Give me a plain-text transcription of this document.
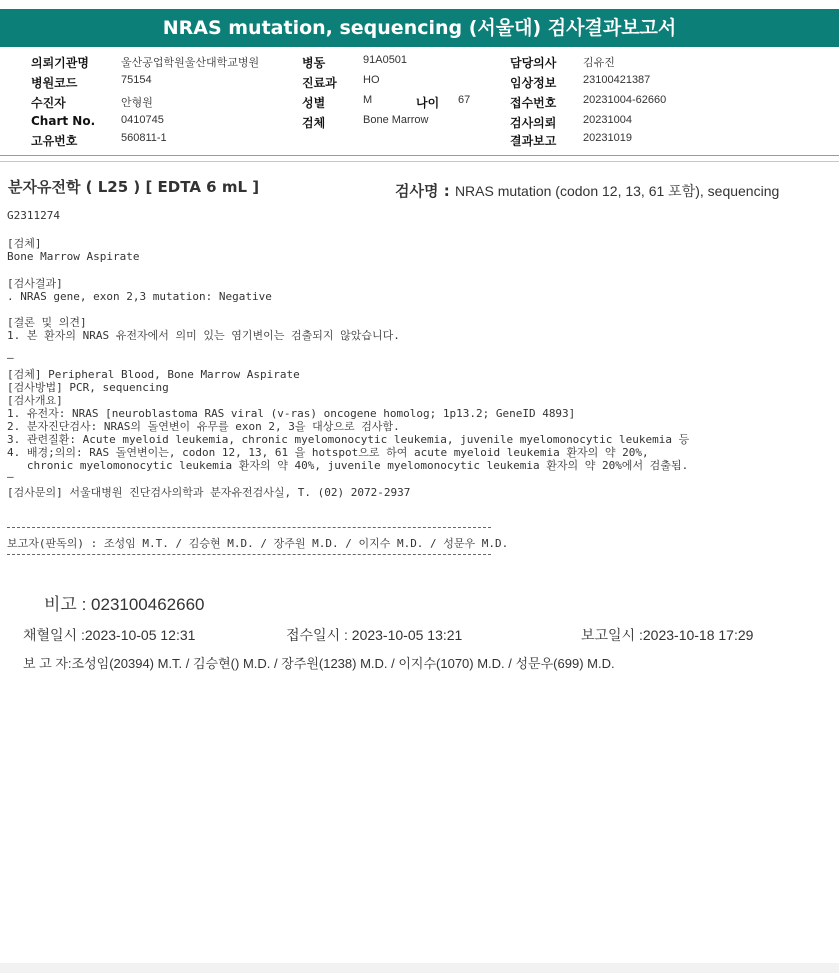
NRAS mutation, sequencing (서울대) 검사결과보고서
의뢰기관명	울산공업학원울산대학교병원	병동	91A0501	담당의사 김유진
병원코드	75154	진료과 HO	임상정보 23100421387
수진자	안형원	성별	M	나이 67	접수번호 20231004-62660
Chart No. 0410745	검체	Bone Marrow	검사의뢰 20231004
고유번호	560811-1	결과보고 20231019
분자유전학 ( L25 ) [ EDTA 6 mL ]	검사명 : NRAS mutation (codon 12, 13, 61 포함), sequencing
G2311274
[검체]
Bone Marrow Aspirate
[검사결과]
. NRAS gene, exon 2,3 mutation: Negative
[결론 및 의견]
1. 본 환자의 NRAS 유전자에서 의미 있는 염기변이는 검출되지 않았습니다.
—
[검체] Peripheral Blood, Bone Marrow Aspirate
[검사방법] PCR, sequencing
[검사개요]
1. 유전자: NRAS [neuroblastoma RAS viral (v-ras) oncogene homolog; 1p13.2; GeneID 4893]
2. 분자진단검사: NRAS의 돌연변이 유무를 exon 2, 3을 대상으로 검사함.
3. 관련질환: Acute myeloid leukemia, chronic myelomonocytic leukemia, juvenile myelomonocytic leukemia 등
4. 배경;의의: RAS 돌연변이는, codon 12, 13, 61 을 hotspot으로 하여 acute myeloid leukemia 환자의 약 20%,
chronic myelomonocytic leukemia 환자의 약 40%, juvenile myelomonocytic leukemia 환자의 약 20%에서 검출됨.
—
[검사문의] 서울대병원 진단검사의학과 분자유전검사실, T. (02) 2072-2937
보고자(판독의) : 조성임 M.T. / 김승현 M.D. / 장주원 M.D. / 이지수 M.D. / 성문우 M.D.
비고 : 023100462660
채혈일시 :2023-10-05 12:31	접수일시 : 2023-10-05 13:21	보고일시 :2023-10-18 17:29
보 고 자:조성임(20394) M.T. / 김승현() M.D. / 장주원(1238) M.D. / 이지수(1070) M.D. / 성문우(699) M.D.
